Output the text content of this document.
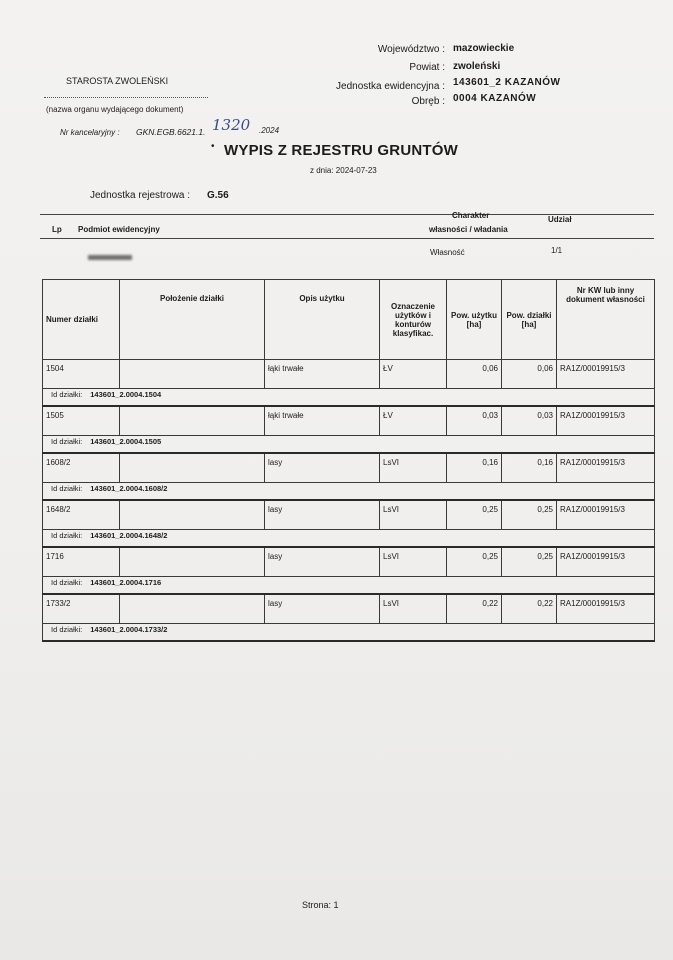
Województwo : mazowieckie
Powiat : zwoleński
Jednostka ewidencyjna : 143601_2 KAZANÓW
Obręb : 0004 KAZANÓW
STAROSTA ZWOLEŃSKI
(nazwa organu wydającego dokument)
Nr kancelaryjny : GKN.EGB.6621.1. 1320 .2024
• WYPIS Z REJESTRU GRUNTÓW
z dnia: 2024-07-23
Jednostka rejestrowa : G.56
Lp Podmiot ewidencyjny
Charakter
własności / władania
Udział
Własność	1/1
Numer działki	Położenie działki	Opis użytku	Oznaczenie użytków i konturów klasyfikac.	Pow. użytku [ha]	Pow. działki [ha]	Nr KW lub inny dokument własności
1504		łąki trwałe	ŁV	0,06	0,06	RA1Z/00019915/3
Id działki: 143601_2.0004.1504						
1505		łąki trwałe	ŁV	0,03	0,03	RA1Z/00019915/3
Id działki: 143601_2.0004.1505						
1608/2		lasy	LsVI	0,16	0,16	RA1Z/00019915/3
Id działki: 143601_2.0004.1608/2						
1648/2		lasy	LsVI	0,25	0,25	RA1Z/00019915/3
Id działki: 143601_2.0004.1648/2						
1716		lasy	LsVI	0,25	0,25	RA1Z/00019915/3
Id działki: 143601_2.0004.1716						
1733/2		lasy	LsVI	0,22	0,22	RA1Z/00019915/3
Id działki: 143601_2.0004.1733/2						
Strona: 1
